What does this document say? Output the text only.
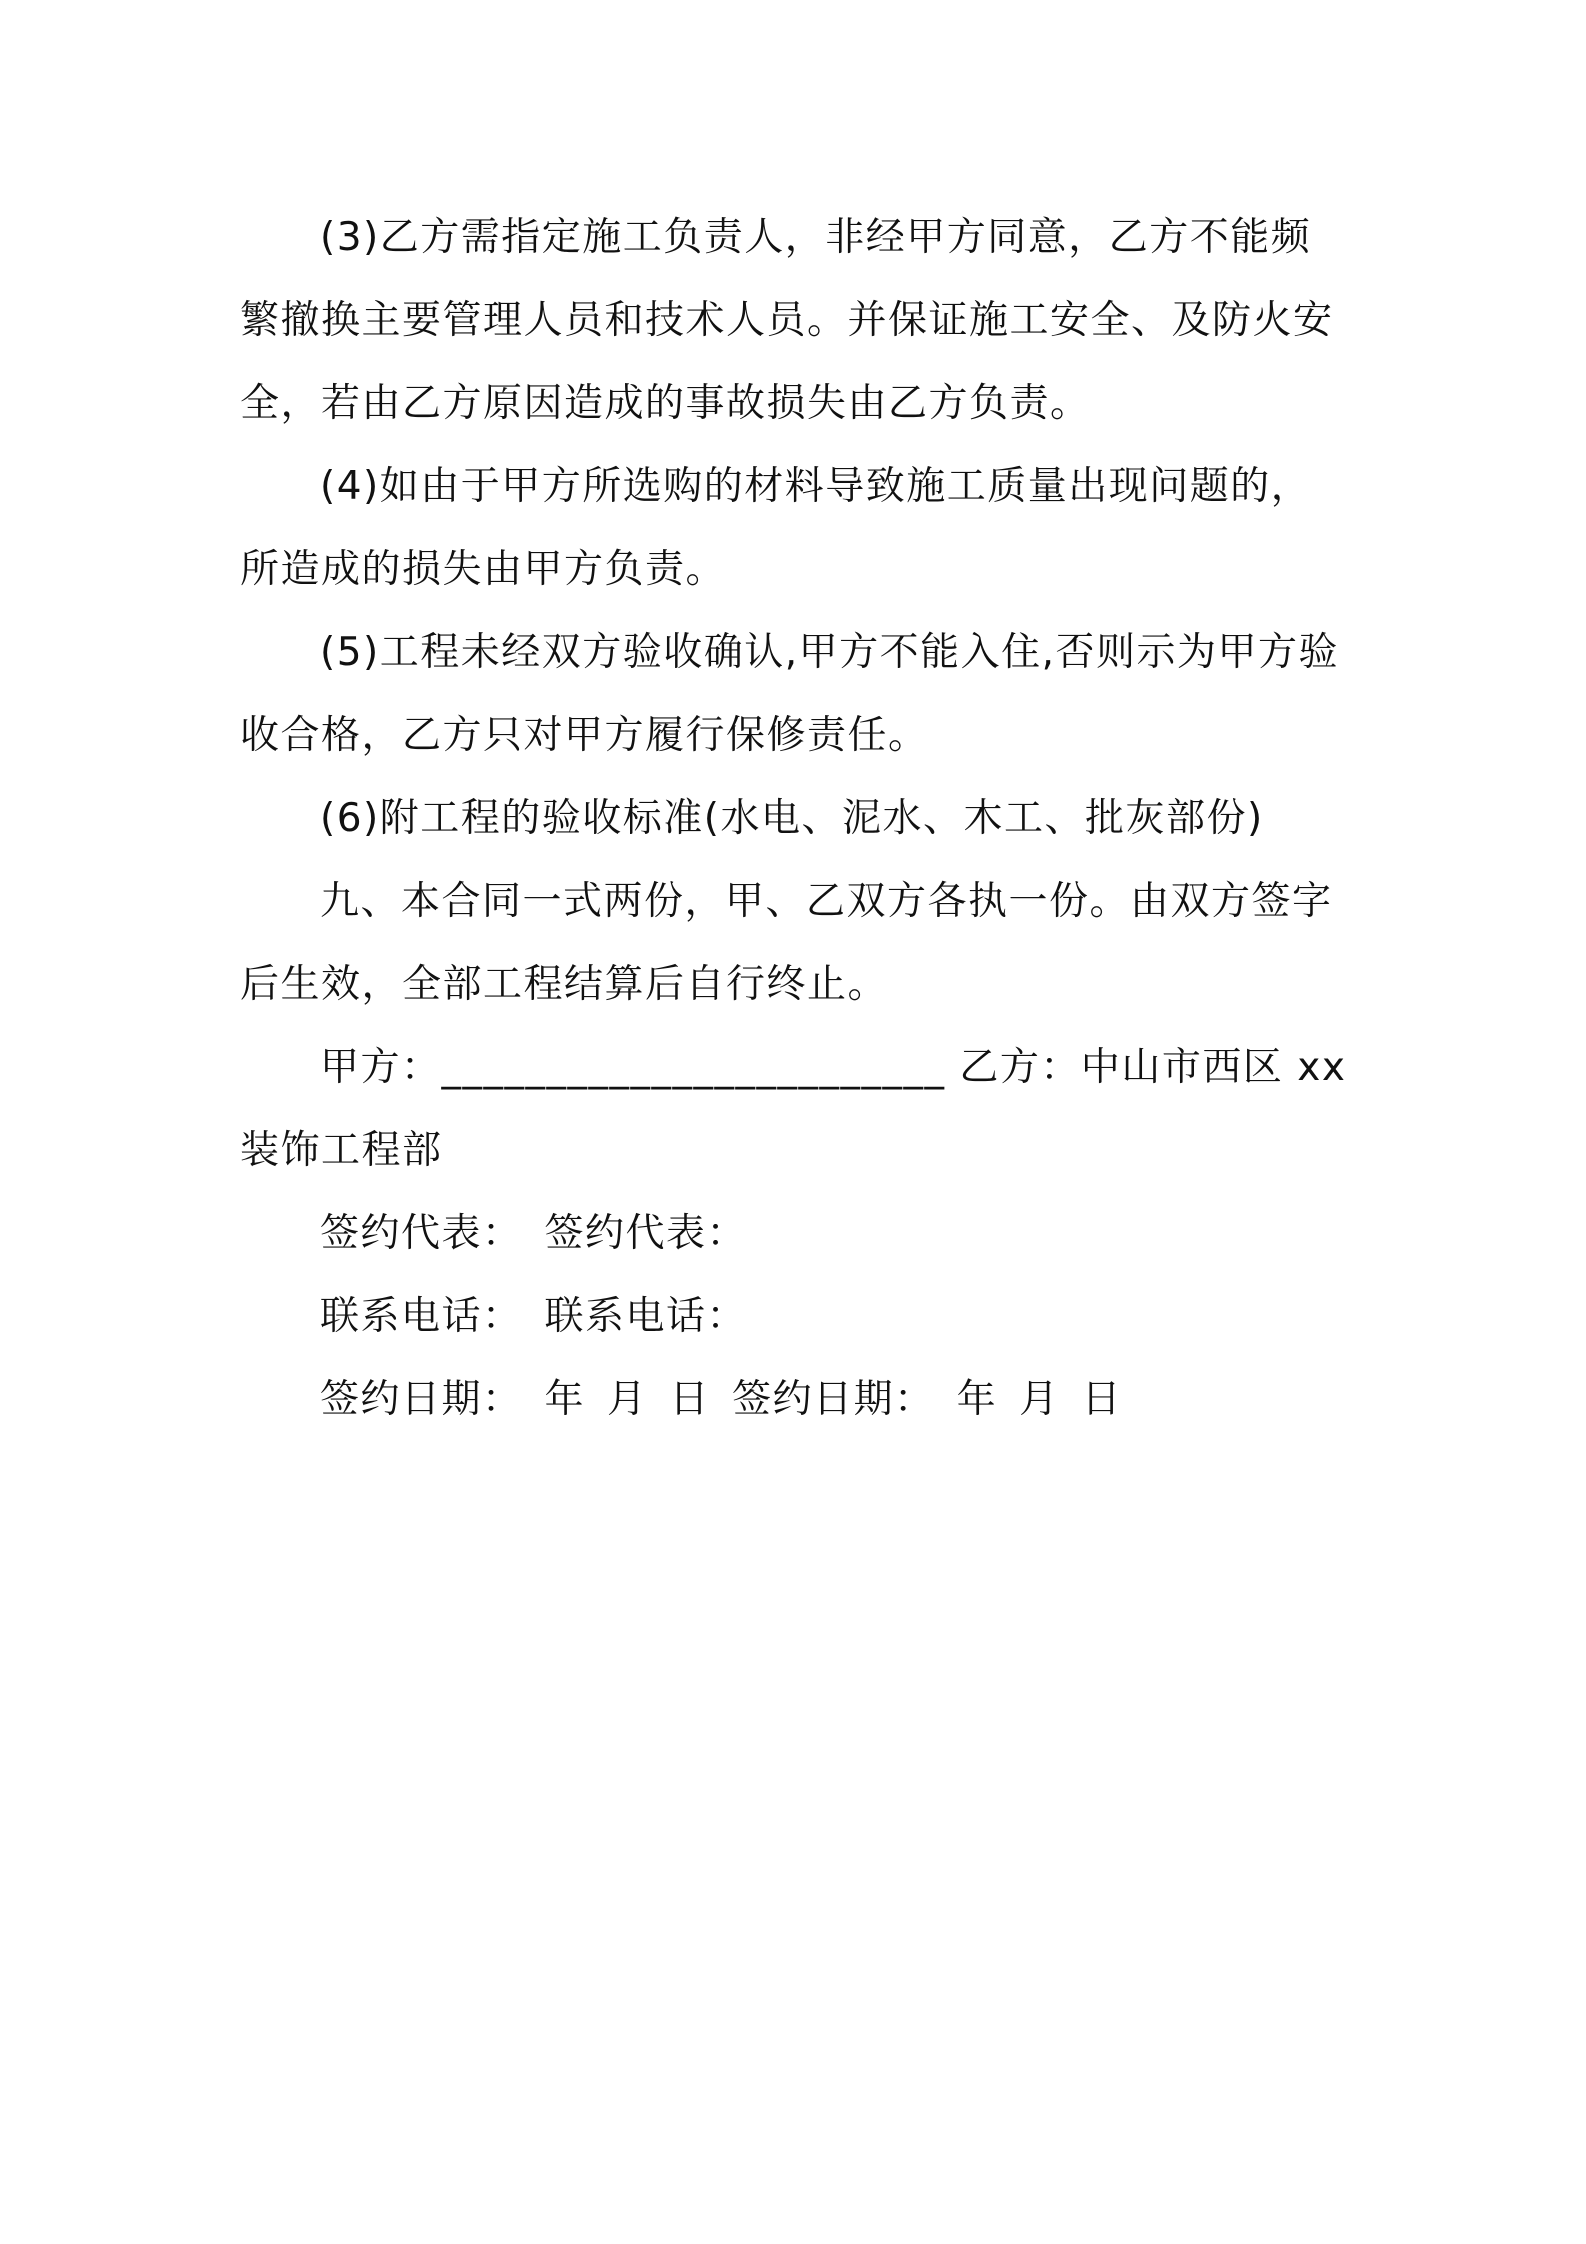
(3)乙方需指定施工负责人，非经甲方同意，乙方不能频繁撤换主要管理人员和技术人员。并保证施工安全、及防火安全，若由乙方原因造成的事故损失由乙方负责。

(4)如由于甲方所选购的材料导致施工质量出现问题的，所造成的损失由甲方负责。

(5)工程未经双方验收确认,甲方不能入住,否则示为甲方验收合格，乙方只对甲方履行保修责任。

(6)附工程的验收标准(水电、泥水、木工、批灰部份)

九、本合同一式两份，甲、乙双方各执一份。由双方签字后生效，全部工程结算后自行终止。

甲方：________________________ 乙方：中山市西区 xx 装饰工程部

签约代表： 签约代表：

联系电话： 联系电话：

签约日期： 年 月 日 签约日期： 年 月 日
